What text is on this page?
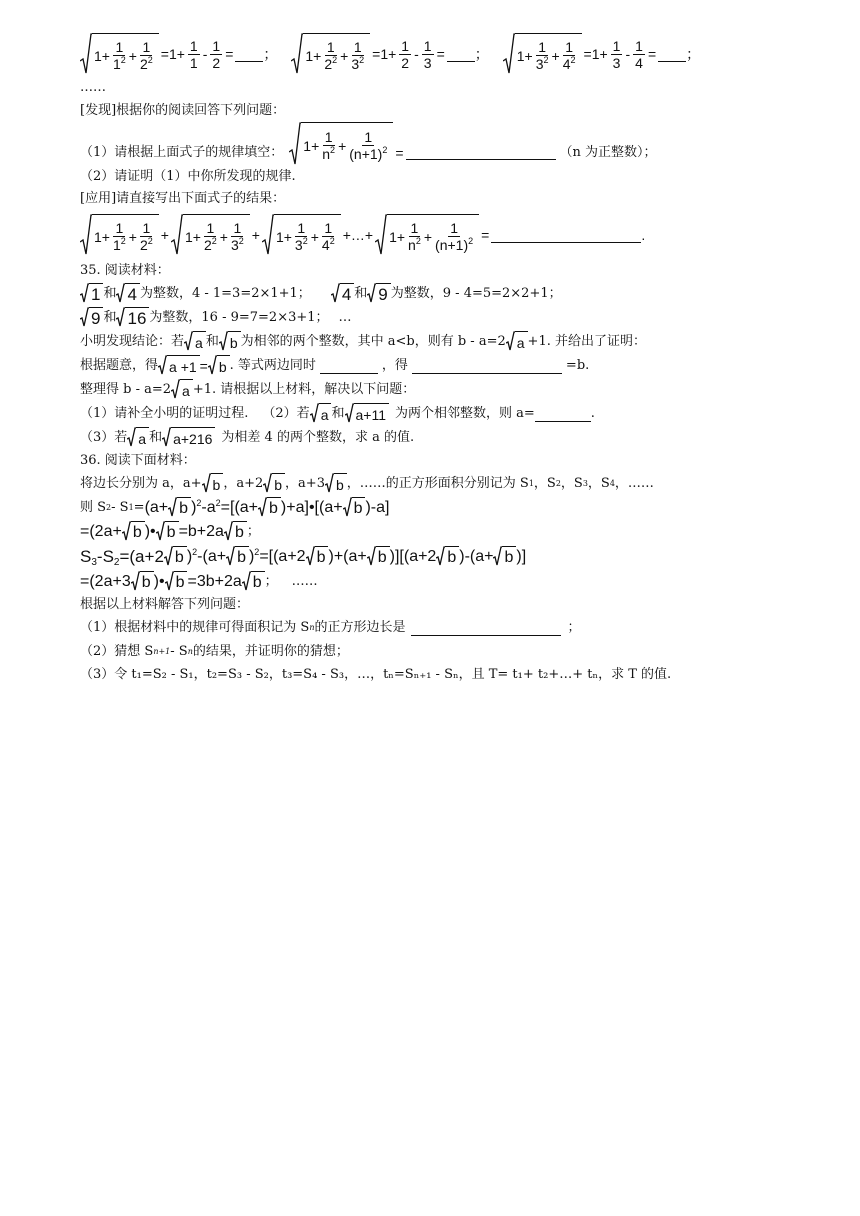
$1+ \frac{1}{1^2} + \frac{1}{2^2} =1+ \frac{1}{1} - \frac{1}{2}$ = ； $1+ \frac{1}{2^2} + \frac{1}{3^2} =1+ \frac{1}{2} - \frac{1}{3}$ = ； $1+ \frac{1}{3^2} + \frac{1}{4^2} =1+ \frac{1}{3} - \frac{1}{4}$ = ；
……
[发现]根据你的阅读回答下列问题：
（1）请根据上面式子的规律填空： $1+ \frac{1}{n^2} + \frac{1}{(n+1)^2}$ =	（n 为正整数）；
（2）请证明（1）中你所发现的规律.
[应用]请直接写出下面式子的结果：
$1+ \frac{1}{1^2} + \frac{1}{2^2} + 1+ \frac{1}{2^2} + \frac{1}{3^2} + 1+ \frac{1}{3^2} + \frac{1}{4^2}$ +…+ $1+ \frac{1}{n^2} + \frac{1}{(n+1)^2}$ =	.
35. 阅读材料：
1 和 4 为整数，4 - 1=3=2×1+1； 4 和 9 为整数，9 - 4=5=2×2+1；
9 和 16 为整数，16 - 9=7=2×3+1； …
小明发现结论：若 a 和 b 为相邻的两个整数，其中 a<b，则有 b - a=2 a +1. 并给出了证明：
根据题意，得 a +1 = b . 等式两边同时	，得	=b.
整理得 b - a=2 a +1. 请根据以上材料，解决以下问题：
（1）请补全小明的证明过程. （2）若 a 和 a+11 为两个相邻整数，则 a=	.
（3）若 a 和 a+216 为相差 4 的两个整数，求 a 的值.
36. 阅读下面材料：
将边长分别为 a，a+ b ，a+2 b ，a+3 b ，……的正方形面积分别记为 S 1 ，S 2 ，S 3 ，S 4 ，……
则 S 2 - S 1 = (a+ b )$^2-a^2=[(a+ b$ )+a]•[(a+ b )-a]
=(2a+ b )• b =b+2a b ；
$S_3-S_2=(a+2$ b )$^2$-(a+ b )$^2$=[(a+2 b )+(a+ b )][(a+2 b )-(a+ b )]
=(2a+3 b )• b =3b+2a b ； ……
根据以上材料解答下列问题：
（1）根据材料中的规律可得面积记为 S n 的正方形边长是	；
（2）猜想 S n+1 - S n 的结果，并证明你的猜想；
（3）令 t₁=S₂ - S₁，t₂=S₃ - S₂，t₃=S₄ - S₃，…，tₙ=Sₙ₊₁ - Sₙ，且 T= t₁+ t₂+…+ tₙ，求 T 的值.
